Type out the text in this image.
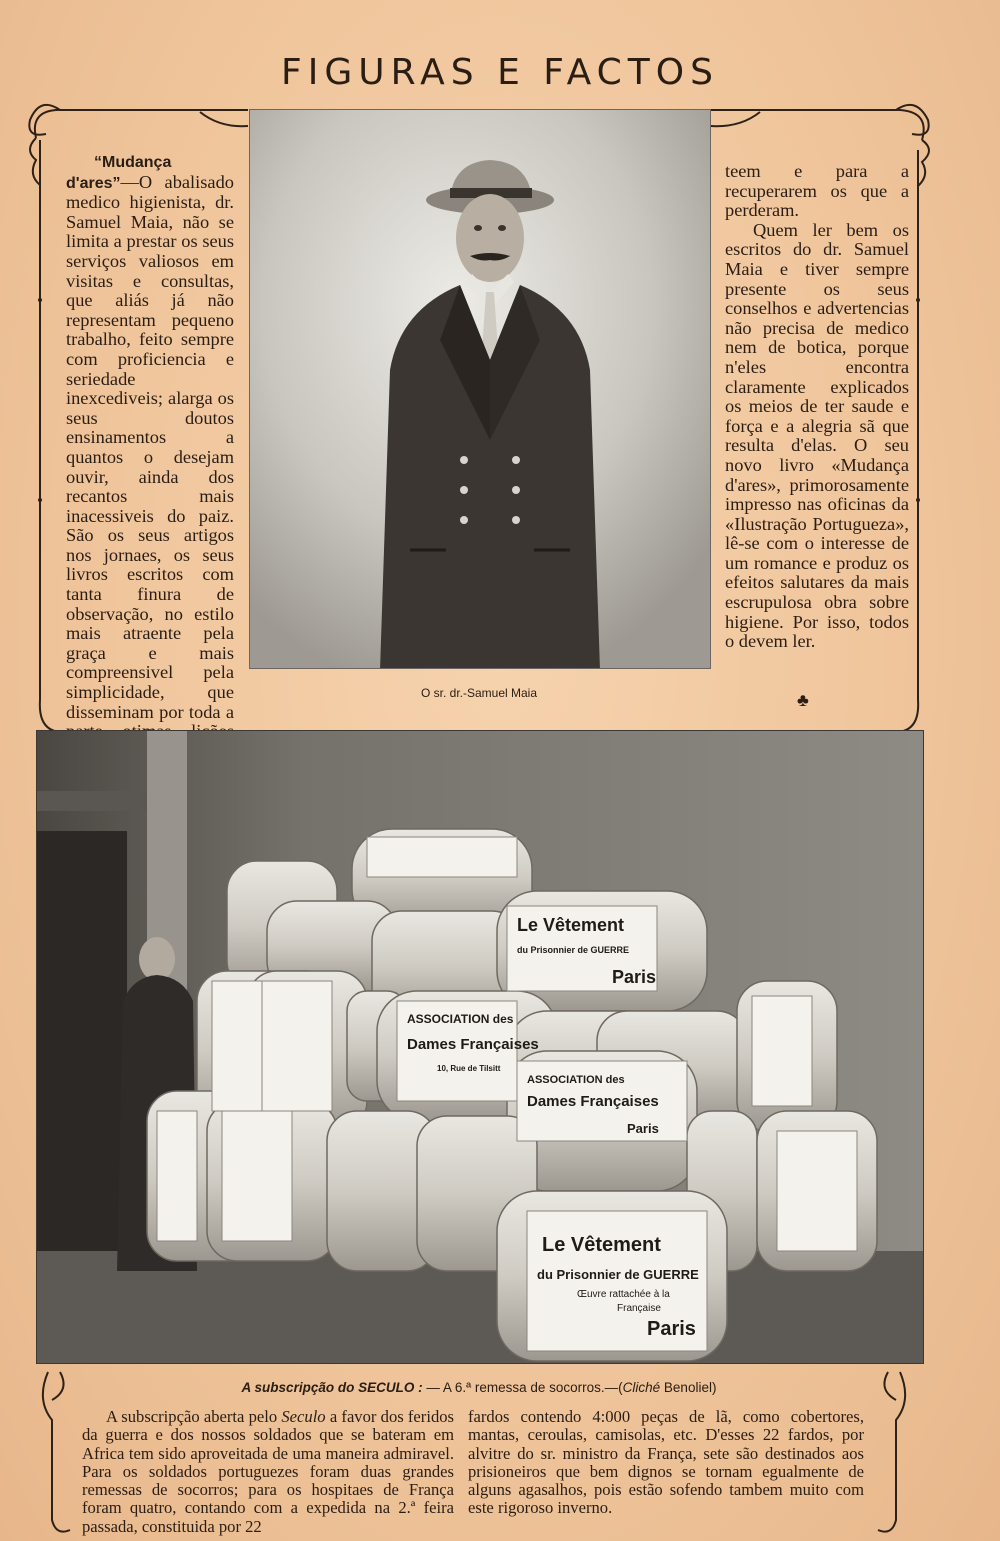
FIGURAS E FACTOS

“Mudança d'ares”—O abalisado medico higienista, dr. Samuel Maia, não se limita a prestar os seus serviços valiosos em visitas e consultas, que aliás já não representam pequeno trabalho, feito sempre com proficiencia e seriedade inexcediveis; alarga os seus doutos ensinamentos a quantos o desejam ouvir, ainda dos recantos mais inacessiveis do paiz. São os seus artigos nos jornaes, os seus livros escritos com tanta finura de observação, no estilo mais atraente pela graça e mais compreensivel pela simplicidade, que disseminam por toda a

O sr. dr.-Samuel Maia

teem e para a recuperarem os que a perderam.

Quem ler bem os escritos do dr. Samuel Maia e tiver sempre presente os seus conselhos e advertencias não precisa de medico nem de botica, porque n'eles encontra claramente explicados os meios de ter saude e força e a alegria sã que resulta d'elas. O seu novo livro «Mudança d'ares», primorosamente impresso nas oficinas da «Ilustração Portugueza», lê-se com o interesse de um romance e produz os efeitos salutares da mais escrupulosa obra sobre higiene. Por isso, todos o devem ler.

♣
Le Vêtement
du Prisonnier de GUERRE
Paris
ASSOCIATION des
Dames Françaises
10, Rue de Tilsitt
ASSOCIATION des
Dames Françaises
Paris
Le Vêtement
du Prisonnier de GUERRE
Œuvre rattachée à la
Française
Paris
A subscripção do SECULO : — A 6.ª remessa de socorros.—(Cliché Benoliel)
A subscripção aberta pelo Seculo a favor dos feridos da guerra e dos nossos soldados que se bateram em Africa tem sido aproveitada de uma maneira admiravel. Para os soldados portuguezes foram duas grandes remessas de socorros; para os hospitaes de França foram quatro, contando com a expedida na 2.ª feira passada, constituida por 22
fardos contendo 4:000 peças de lã, como cobertores, mantas, ceroulas, camisolas, etc. D'esses 22 fardos, por alvitre do sr. ministro da França, sete são destinados aos prisioneiros que bem dignos se tornam egualmente de alguns agasalhos, pois estão sofendo tambem muito com este rigoroso inverno.
